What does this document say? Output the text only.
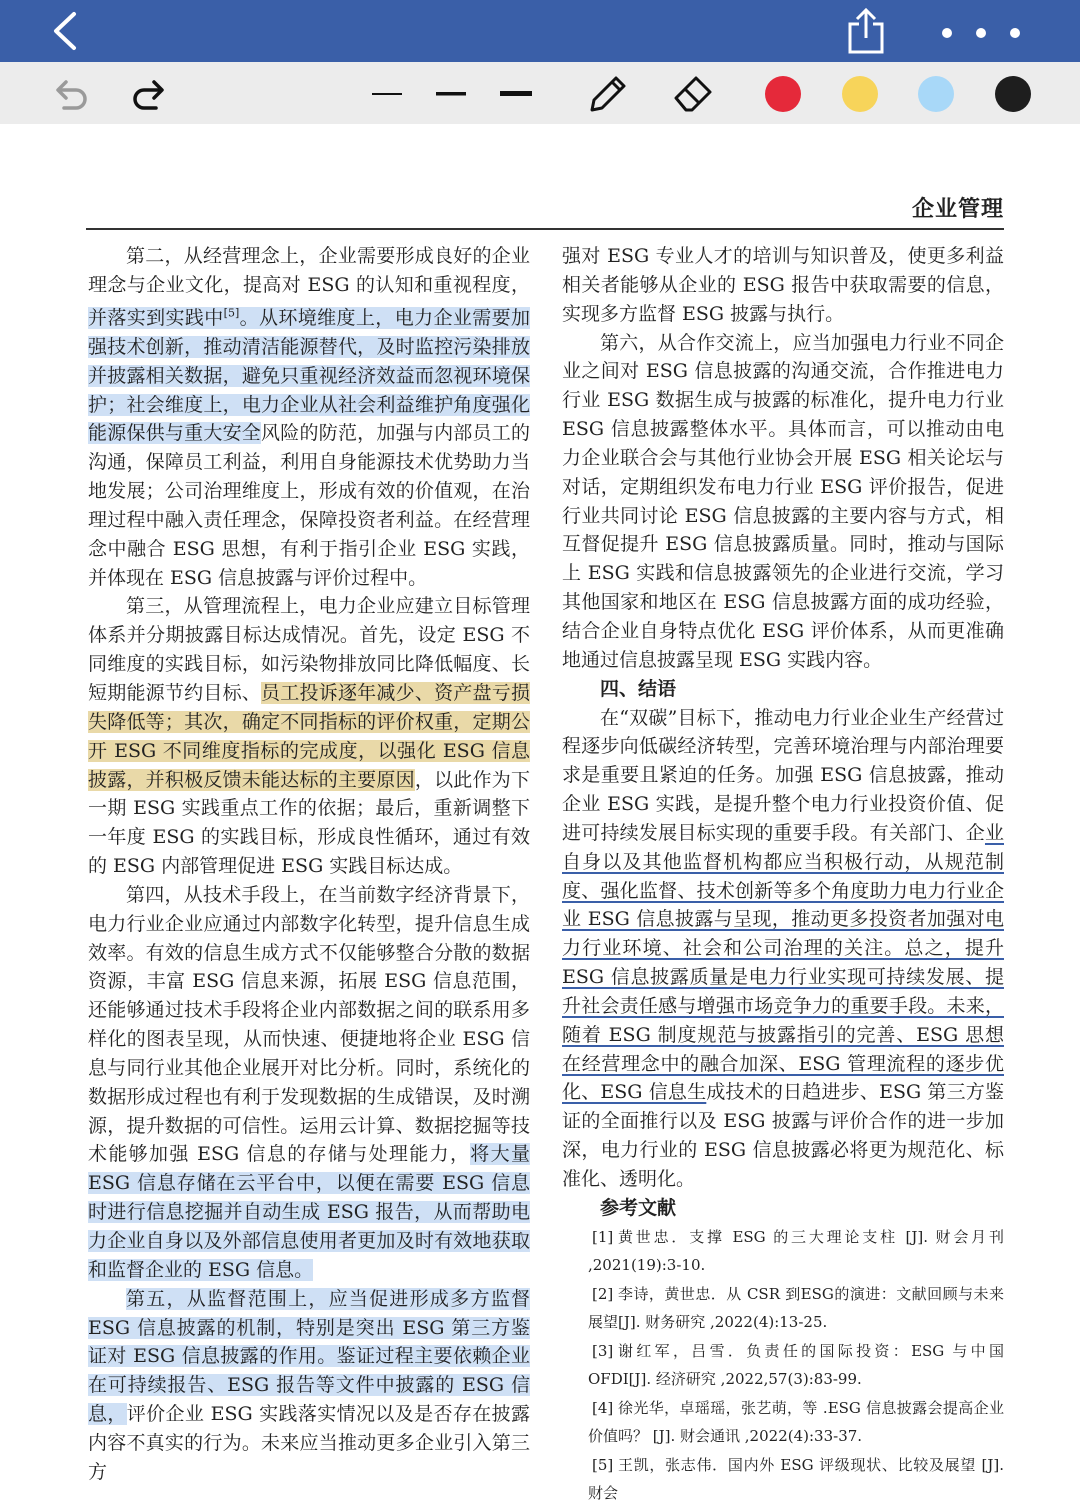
企业管理

第二，从经营理念上，企业需要形成良好的企业理念与企业文化，提高对 ESG 的认知和重视程度，并落实到实践中[5]。从环境维度上，电力企业需要加强技术创新，推动清洁能源替代，及时监控污染排放并披露相关数据，避免只重视经济效益而忽视环境保护；社会维度上，电力企业从社会利益维护角度强化能源保供与重大安全风险的防范，加强与内部员工的沟通，保障员工利益，利用自身能源技术优势助力当地发展；公司治理维度上，形成有效的价值观，在治理过程中融入责任理念，保障投资者利益。在经营理念中融合 ESG 思想，有利于指引企业 ESG 实践，并体现在 ESG 信息披露与评价过程中。

第三，从管理流程上，电力企业应建立目标管理体系并分期披露目标达成情况。首先，设定 ESG 不同维度的实践目标，如污染物排放同比降低幅度、长短期能源节约目标、员工投诉逐年减少、资产盘亏损失降低等；其次，确定不同指标的评价权重，定期公开 ESG 不同维度指标的完成度，以强化 ESG 信息披露，并积极反馈未能达标的主要原因，以此作为下一期 ESG 实践重点工作的依据；最后，重新调整下一年度 ESG 的实践目标，形成良性循环，通过有效的 ESG 内部管理促进 ESG 实践目标达成。

第四，从技术手段上，在当前数字经济背景下，电力行业企业应通过内部数字化转型，提升信息生成效率。有效的信息生成方式不仅能够整合分散的数据资源，丰富 ESG 信息来源，拓展 ESG 信息范围，还能够通过技术手段将企业内部数据之间的联系用多样化的图表呈现，从而快速、便捷地将企业 ESG 信息与同行业其他企业展开对比分析。同时，系统化的数据形成过程也有利于发现数据的生成错误，及时溯源，提升数据的可信性。运用云计算、数据挖掘等技术能够加强 ESG 信息的存储与处理能力，将大量 ESG 信息存储在云平台中，以便在需要 ESG 信息时进行信息挖掘并自动生成 ESG 报告，从而帮助电力企业自身以及外部信息使用者更加及时有效地获取和监督企业的 ESG 信息。

第五，从监督范围上，应当促进形成多方监督 ESG 信息披露的机制，特别是突出 ESG 第三方鉴证对 ESG 信息披露的作用。鉴证过程主要依赖企业在可持续报告、ESG 报告等文件中披露的 ESG 信息，评价企业 ESG 实践落实情况以及是否存在披露内容不真实的行为。未来应当推动更多企业引入第三方

强对 ESG 专业人才的培训与知识普及，使更多利益相关者能够从企业的 ESG 报告中获取需要的信息，实现多方监督 ESG 披露与执行。

第六，从合作交流上，应当加强电力行业不同企业之间对 ESG 信息披露的沟通交流，合作推进电力行业 ESG 数据生成与披露的标准化，提升电力行业 ESG 信息披露整体水平。具体而言，可以推动由电力企业联合会与其他行业协会开展 ESG 相关论坛与对话，定期组织发布电力行业 ESG 评价报告，促进行业共同讨论 ESG 信息披露的主要内容与方式，相互督促提升 ESG 信息披露质量。同时，推动与国际上 ESG 实践和信息披露领先的企业进行交流，学习其他国家和地区在 ESG 信息披露方面的成功经验，结合企业自身特点优化 ESG 评价体系，从而更准确地通过信息披露呈现 ESG 实践内容。

四、结语

在“双碳”目标下，推动电力行业企业生产经营过程逐步向低碳经济转型，完善环境治理与内部治理要求是重要且紧迫的任务。加强 ESG 信息披露，推动企业 ESG 实践，是提升整个电力行业投资价值、促进可持续发展目标实现的重要手段。有关部门、企业自身以及其他监督机构都应当积极行动，从规范制度、强化监督、技术创新等多个角度助力电力行业企业 ESG 信息披露与呈现，推动更多投资者加强对电力行业环境、社会和公司治理的关注。总之，提升 ESG 信息披露质量是电力行业实现可持续发展、提升社会责任感与增强市场竞争力的重要手段。未来，随着 ESG 制度规范与披露指引的完善、ESG 思想在经营理念中的融合加深、ESG 管理流程的逐步优化、ESG 信息生成技术的日趋进步、ESG 第三方鉴证的全面推行以及 ESG 披露与评价合作的进一步加深，电力行业的 ESG 信息披露必将更为规范化、标准化、透明化。

参考文献

[1] 黄世忠．支撑 ESG 的三大理论支柱 [J]. 财会月刊 ,2021(19):3-10.

[2] 李诗，黄世忠．从 CSR 到ESG的演进：文献回顾与未来展望[J]. 财务研究 ,2022(4):13-25.

[3] 谢红军，吕雪．负责任的国际投资：ESG 与中国 OFDI[J]. 经济研究 ,2022,57(3):83-99.

[4] 徐光华，卓瑶瑶，张艺萌，等 .ESG 信息披露会提高企业价值吗？ [J]. 财会通讯 ,2022(4):33-37.

[5] 王凯，张志伟．国内外 ESG 评级现状、比较及展望 [J]. 财会
